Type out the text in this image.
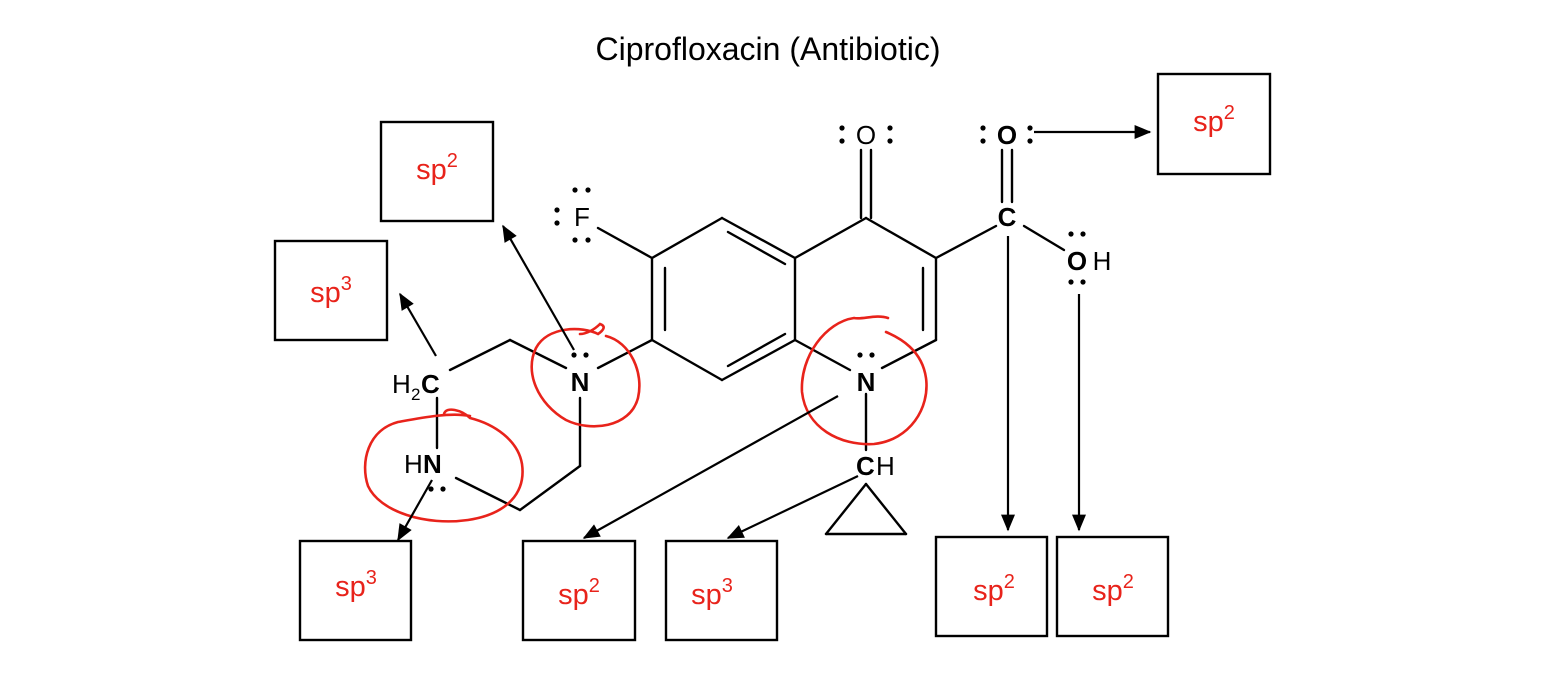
Ciprofloxacin (Antibiotic)
O	O
C
O H
F
N
N
H 2 C
H N	C H
$sp^2$
$sp^2$
$sp^3$
$sp^3$
$sp^2$	$sp^3$	$sp^2$	$sp^2$
